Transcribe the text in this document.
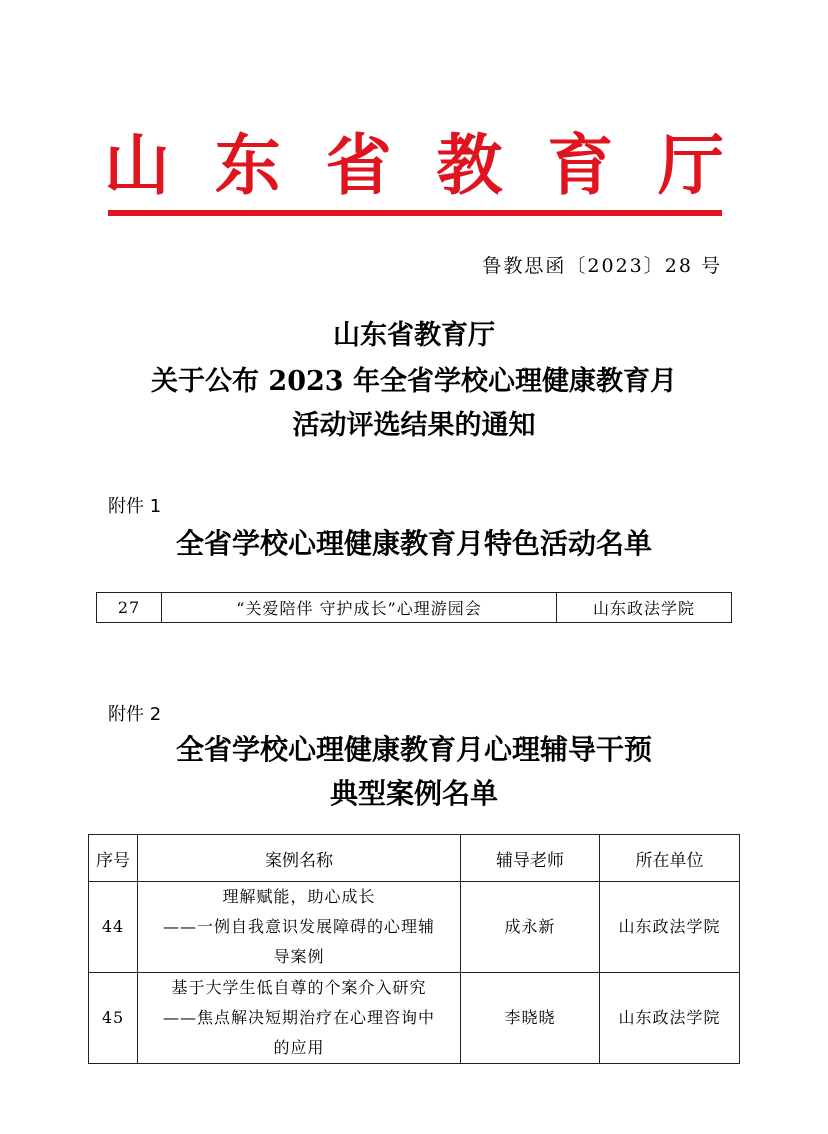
山 东 省 教 育 厅
鲁教思函〔2023〕28 号
山东省教育厅
关于公布 2023 年全省学校心理健康教育月
活动评选结果的通知
附件 1
全省学校心理健康教育月特色活动名单
27	“关爱陪伴 守护成长”心理游园会	山东政法学院
附件 2
全省学校心理健康教育月心理辅导干预
典型案例名单
序号	案例名称	辅导老师	所在单位
44	理解赋能，助心成长
——一例自我意识发展障碍的心理辅
导案例	成永新	山东政法学院
45	基于大学生低自尊的个案介入研究
——焦点解决短期治疗在心理咨询中
的应用	李晓晓	山东政法学院
